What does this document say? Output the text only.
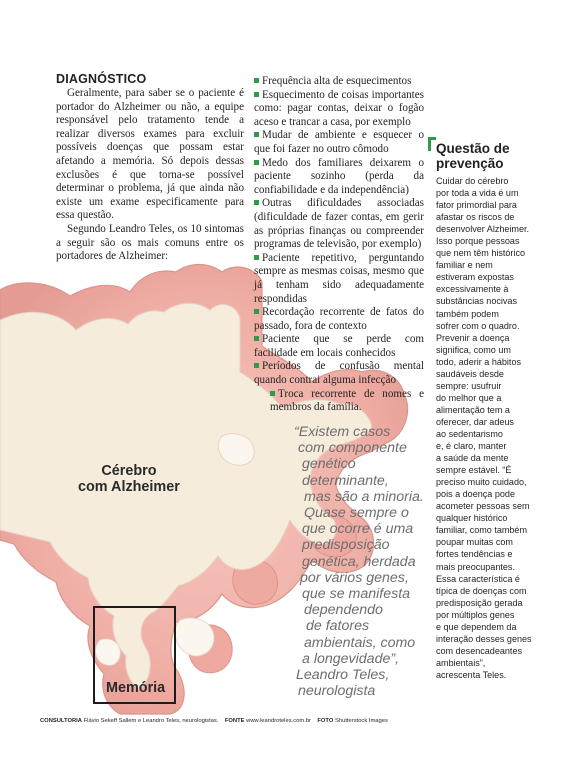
DIAGNÓSTICO

Geralmente, para saber se o paciente é portador do Alzheimer ou não, a equipe responsável pelo tratamento tende a realizar diversos exames para excluir possíveis doenças que possam estar afetando a memória. Só depois dessas exclusões é que torna-se possível determinar o problema, já que ainda não existe um exame especificamente para essa questão.

Segundo Leandro Teles, os 10 sintomas a seguir são os mais comuns entre os portadores de Alzheimer:

Frequência alta de esquecimentos

Esquecimento de coisas importantes como: pagar contas, deixar o fogão aceso e trancar a casa, por exemplo

Mudar de ambiente e esquecer o que foi fazer no outro cômodo

Medo dos familiares deixarem o paciente sozinho (perda da confiabilidade e da independência)

Outras dificuldades associadas (dificuldade de fazer contas, em gerir as próprias finanças ou compreender programas de televisão, por exemplo)

Paciente repetitivo, perguntando sempre as mesmas coisas, mesmo que já tenham sido adequadamente respondidas

Recordação recorrente de fatos do passado, fora de contexto

Paciente que se perde com facilidade em locais conhecidos

Períodos de confusão mental quando contrai alguma infecção

Troca recorrente de nomes e membros da família.

“Existem casos
com componente
genético
determinante,
mas são a minoria.
Quase sempre o
que ocorre é uma
predisposição
genética, herdada
por vários genes,
que se manifesta
dependendo
de fatores
ambientais, como
a longevidade”,
Leandro Teles,
neurologista
Cérebro
com Alzheimer
Memória
Questão de
prevenção
Cuidar do cérebro
por toda a vida é um
fator primordial para
afastar os riscos de
desenvolver Alzheimer.
Isso porque pessoas
que nem têm histórico
familiar e nem
estiveram expostas
excessivamente à
substâncias nocivas
também podem
sofrer com o quadro.
Prevenir a doença
significa, como um
todo, aderir a hábitos
saudáveis desde
sempre: usufruir
do melhor que a
alimentação tem a
oferecer, dar adeus
ao sedentarismo
e, é claro, manter
a saúde da mente
sempre estável. “É
preciso muito cuidado,
pois a doença pode
acometer pessoas sem
qualquer histórico
familiar, como também
poupar muitas com
fortes tendências e
mais preocupantes.
Essa característica é
típica de doenças com
predisposição gerada
por múltiplos genes
e que dependem da
interação desses genes
com desencadeantes
ambientais”,
acrescenta Teles.
CONSULTORIA Flávio Sekeff Sallem e Leandro Teles, neurologistas. FONTE www.leandroteles.com.br FOTO Shutterstock Images
